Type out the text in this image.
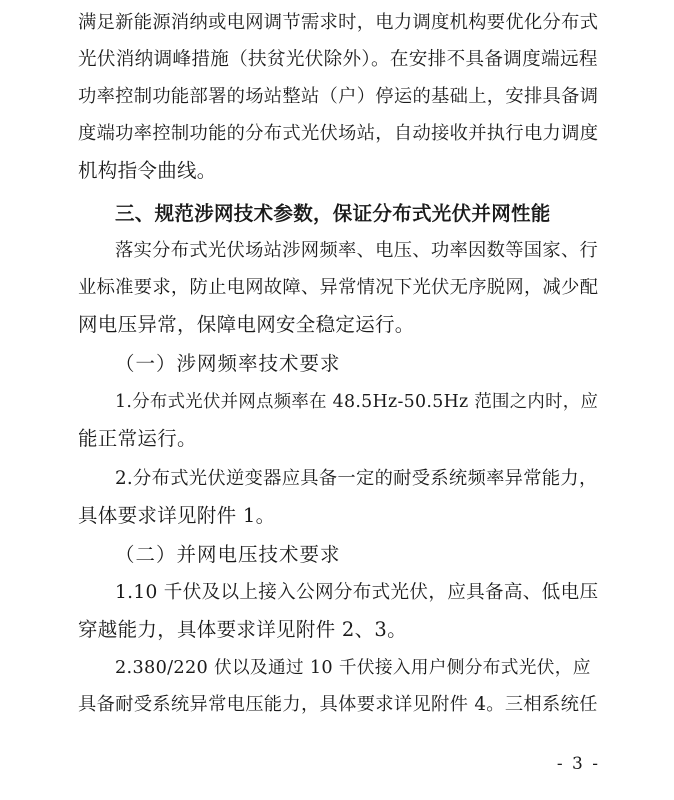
满足新能源消纳或电网调节需求时，电力调度机构要优化分布式
光伏消纳调峰措施（扶贫光伏除外）。在安排不具备调度端远程
功率控制功能部署的场站整站（户）停运的基础上，安排具备调
度端功率控制功能的分布式光伏场站，自动接收并执行电力调度
机构指令曲线。
三、规范涉网技术参数，保证分布式光伏并网性能
落实分布式光伏场站涉网频率、电压、功率因数等国家、行
业标准要求，防止电网故障、异常情况下光伏无序脱网，减少配
网电压异常，保障电网安全稳定运行。
（一）涉网频率技术要求
1.分布式光伏并网点频率在 48.5Hz-50.5Hz 范围之内时，应
能正常运行。
2.分布式光伏逆变器应具备一定的耐受系统频率异常能力，
具体要求详见附件 1。
（二）并网电压技术要求
1.10 千伏及以上接入公网分布式光伏，应具备高、低电压
穿越能力，具体要求详见附件 2、3。
2.380/220 伏以及通过 10 千伏接入用户侧分布式光伏，应
具备耐受系统异常电压能力，具体要求详见附件 4。三相系统任
- 3 -
